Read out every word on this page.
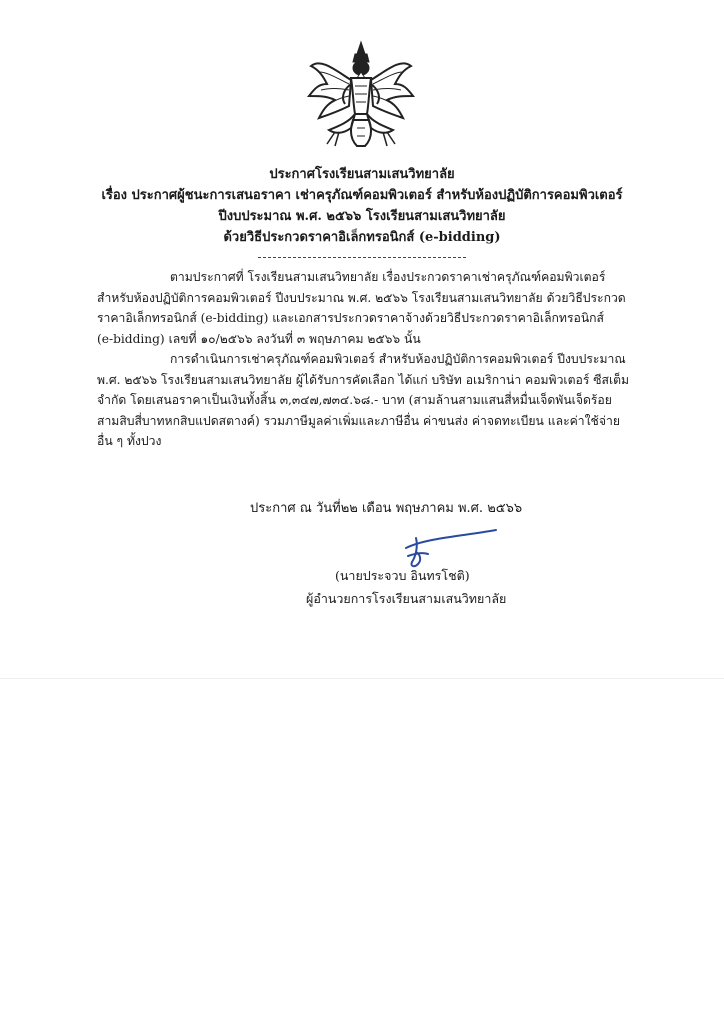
ประกาศโรงเรียนสามเสนวิทยาลัย
เรื่อง ประกาศผู้ชนะการเสนอราคา เช่าครุภัณฑ์คอมพิวเตอร์ สำหรับห้องปฏิบัติการคอมพิวเตอร์
ปีงบประมาณ พ.ศ. ๒๕๖๖ โรงเรียนสามเสนวิทยาลัย
ด้วยวิธีประกวดราคาอิเล็กทรอนิกส์ (e-bidding)

ตามประกาศที่ โรงเรียนสามเสนวิทยาลัย เรื่องประกวดราคาเช่าครุภัณฑ์คอมพิวเตอร์
สำหรับห้องปฏิบัติการคอมพิวเตอร์ ปีงบประมาณ พ.ศ. ๒๕๖๖ โรงเรียนสามเสนวิทยาลัย ด้วยวิธีประกวด
ราคาอิเล็กทรอนิกส์ (e-bidding) และเอกสารประกวดราคาจ้างด้วยวิธีประกวดราคาอิเล็กทรอนิกส์
(e-bidding) เลขที่ ๑๐/๒๕๖๖ ลงวันที่ ๓ พฤษภาคม ๒๕๖๖ นั้น

การดำเนินการเช่าครุภัณฑ์คอมพิวเตอร์ สำหรับห้องปฏิบัติการคอมพิวเตอร์ ปีงบประมาณ
พ.ศ. ๒๕๖๖ โรงเรียนสามเสนวิทยาลัย ผู้ได้รับการคัดเลือก ได้แก่ บริษัท อเมริกาน่า คอมพิวเตอร์ ซีสเต็ม
จำกัด โดยเสนอราคาเป็นเงินทั้งสิ้น ๓,๓๔๗,๗๓๔.๖๘.- บาท (สามล้านสามแสนสี่หมื่นเจ็ดพันเจ็ดร้อย
สามสิบสี่บาทหกสิบแปดสตางค์) รวมภาษีมูลค่าเพิ่มและภาษีอื่น ค่าขนส่ง ค่าจดทะเบียน และค่าใช้จ่าย
อื่น ๆ ทั้งปวง

ประกาศ ณ วันที่๒๒ เดือน พฤษภาคม พ.ศ. ๒๕๖๖
(นายประจวบ อินทรโชติ)
ผู้อำนวยการโรงเรียนสามเสนวิทยาลัย
